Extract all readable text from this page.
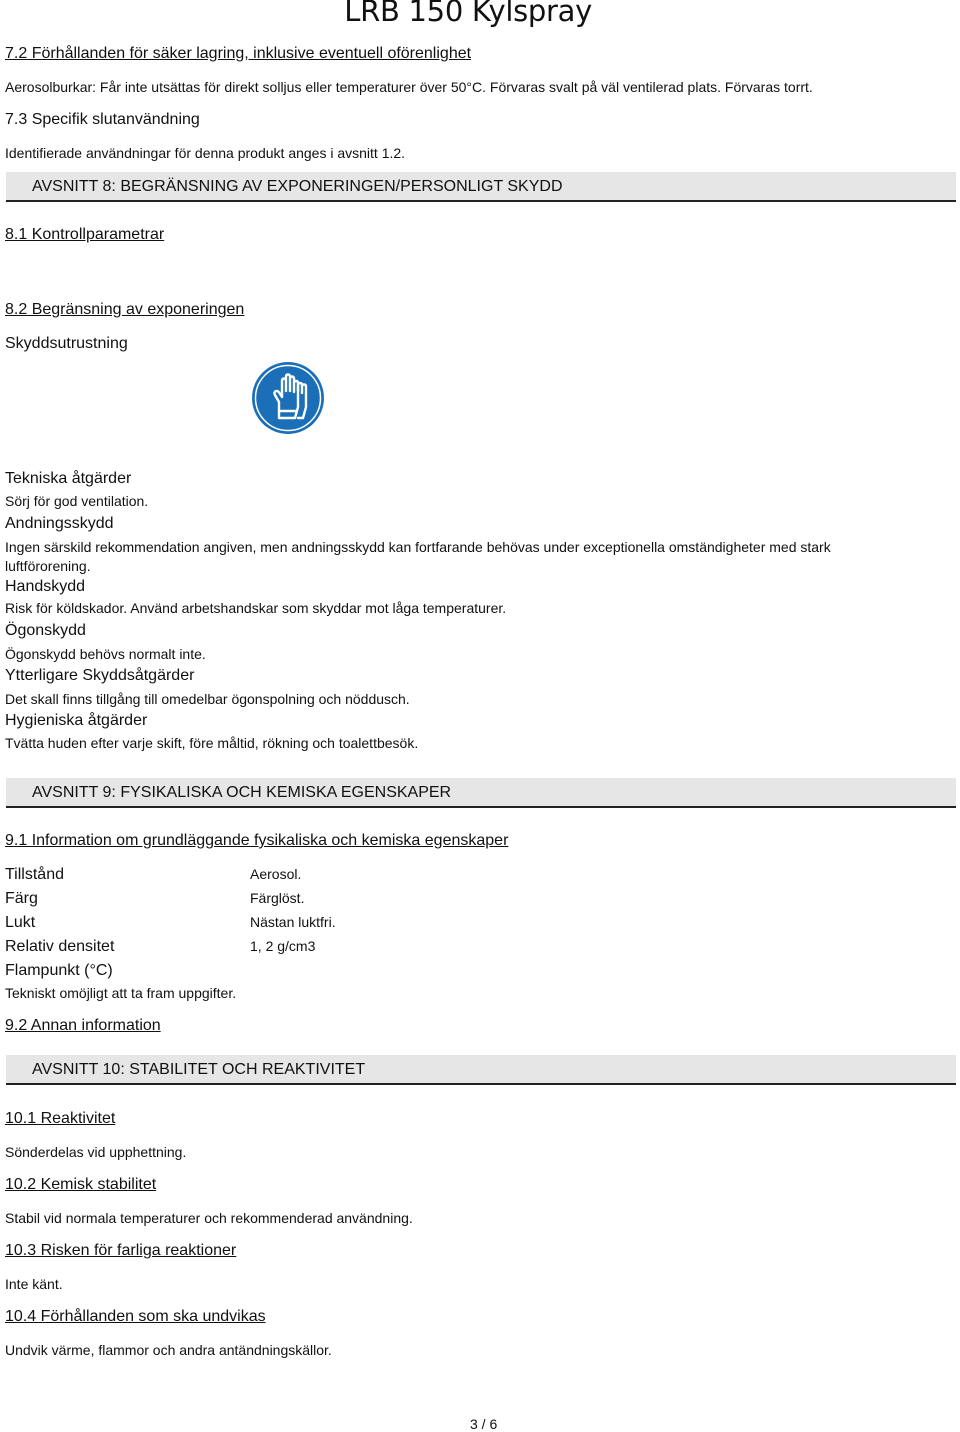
LRB 150 Kylspray
7.2 Förhållanden för säker lagring, inklusive eventuell oförenlighet
Aerosolburkar: Får inte utsättas för direkt solljus eller temperaturer över 50°C. Förvaras svalt på väl ventilerad plats. Förvaras torrt.
7.3 Specifik slutanvändning
Identifierade användningar för denna produkt anges i avsnitt 1.2.
AVSNITT 8: BEGRÄNSNING AV EXPONERINGEN/PERSONLIGT SKYDD
8.1 Kontrollparametrar
8.2 Begränsning av exponeringen
Skyddsutrustning
Tekniska åtgärder
Sörj för god ventilation.
Andningsskydd
Ingen särskild rekommendation angiven, men andningsskydd kan fortfarande behövas under exceptionella omständigheter med stark
luftförorening.
Handskydd
Risk för köldskador. Använd arbetshandskar som skyddar mot låga temperaturer.
Ögonskydd
Ögonskydd behövs normalt inte.
Ytterligare Skyddsåtgärder
Det skall finns tillgång till omedelbar ögonspolning och nöddusch.
Hygieniska åtgärder
Tvätta huden efter varje skift, före måltid, rökning och toalettbesök.
AVSNITT 9: FYSIKALISKA OCH KEMISKA EGENSKAPER
9.1 Information om grundläggande fysikaliska och kemiska egenskaper
Tillstånd	Aerosol.
Färg	Färglöst.
Lukt	Nästan luktfri.
Relativ densitet	1, 2 g/cm3
Flampunkt (°C)
Tekniskt omöjligt att ta fram uppgifter.
9.2 Annan information
AVSNITT 10: STABILITET OCH REAKTIVITET
10.1 Reaktivitet
Sönderdelas vid upphettning.
10.2 Kemisk stabilitet
Stabil vid normala temperaturer och rekommenderad användning.
10.3 Risken för farliga reaktioner
Inte känt.
10.4 Förhållanden som ska undvikas
Undvik värme, flammor och andra antändningskällor.
3 / 6
